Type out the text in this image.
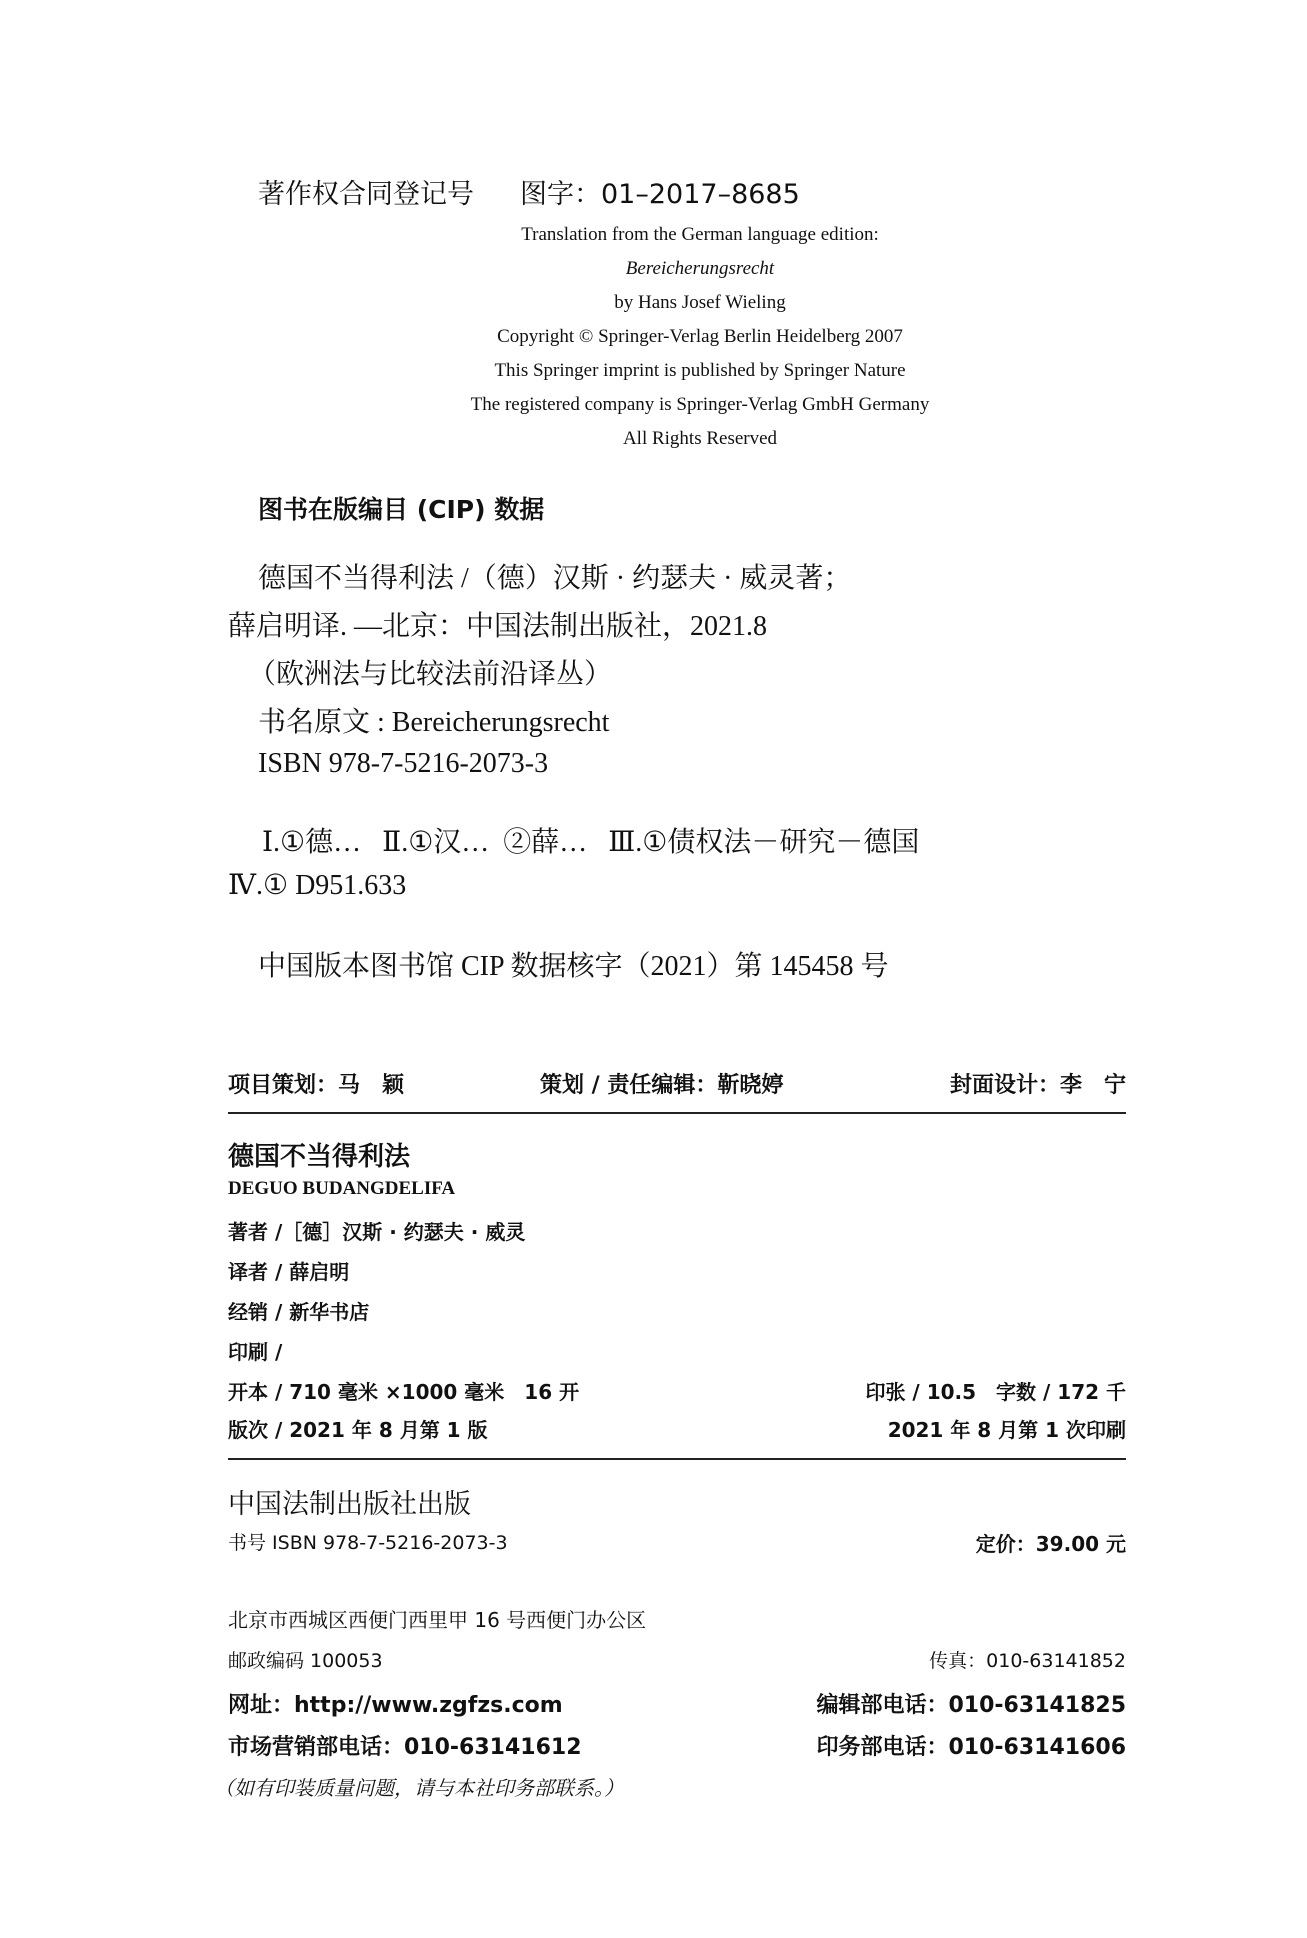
著作权合同登记号 图字：01–2017–8685
Translation from the German language edition:
Bereicherungsrecht
by Hans Josef Wieling
Copyright © Springer-Verlag Berlin Heidelberg 2007
This Springer imprint is published by Springer Nature
The registered company is Springer-Verlag GmbH Germany
All Rights Reserved
图书在版编目 (CIP) 数据
德国不当得利法 /（德）汉斯 · 约瑟夫 · 威灵著；
薛启明译. —北京：中国法制出版社，2021.8
（欧洲法与比较法前沿译丛）
书名原文 : Bereicherungsrecht
ISBN 978-7-5216-2073-3
Ⅰ.①德…   Ⅱ.①汉…  ②薛…   Ⅲ.①债权法－研究－德国
Ⅳ.① D951.633
中国版本图书馆 CIP 数据核字（2021）第 145458 号
项目策划：马　颖	策划 / 责任编辑：靳晓婷	封面设计：李　宁
德国不当得利法
DEGUO BUDANGDELIFA
著者 /［德］汉斯 · 约瑟夫 · 威灵
译者 / 薛启明
经销 / 新华书店
印刷 /
开本 / 710 毫米 ×1000 毫米　16 开	印张 / 10.5　字数 / 172 千
版次 / 2021 年 8 月第 1 版	2021 年 8 月第 1 次印刷
中国法制出版社出版
书号 ISBN 978-7-5216-2073-3	定价：39.00 元
北京市西城区西便门西里甲 16 号西便门办公区
邮政编码 100053	传真：010-63141852
网址：http://www.zgfzs.com	编辑部电话：010-63141825
市场营销部电话：010-63141612	印务部电话：010-63141606
（如有印装质量问题，请与本社印务部联系。）
